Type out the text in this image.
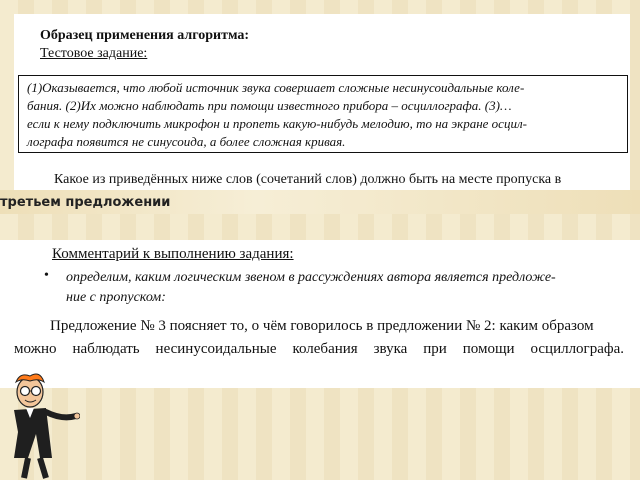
Образец применения алгоритма:
Тестовое задание:
(1)Оказывается, что любой источник звука совершает сложные несинусоидальные коле-
бания. (2)Их можно наблюдать при помощи известного прибора – осциллографа. (3)…
если к нему подключить микрофон и пропеть какую-нибудь мелодию, то на экране осцил-
лографа появится не синусоида, а более сложная кривая.
Какое из приведённых ниже слов (сочетаний слов) должно быть на месте пропуска в
третьем предложении
Комментарий к выполнению задания:
• определим, каким логическим звеном в рассуждениях автора является предложе-
ние с пропуском:
Предложение № 3 поясняет то, о чём говорилось в предложении № 2: каким образом
можно наблюдать несинусоидальные колебания звука при помощи осциллографа.
